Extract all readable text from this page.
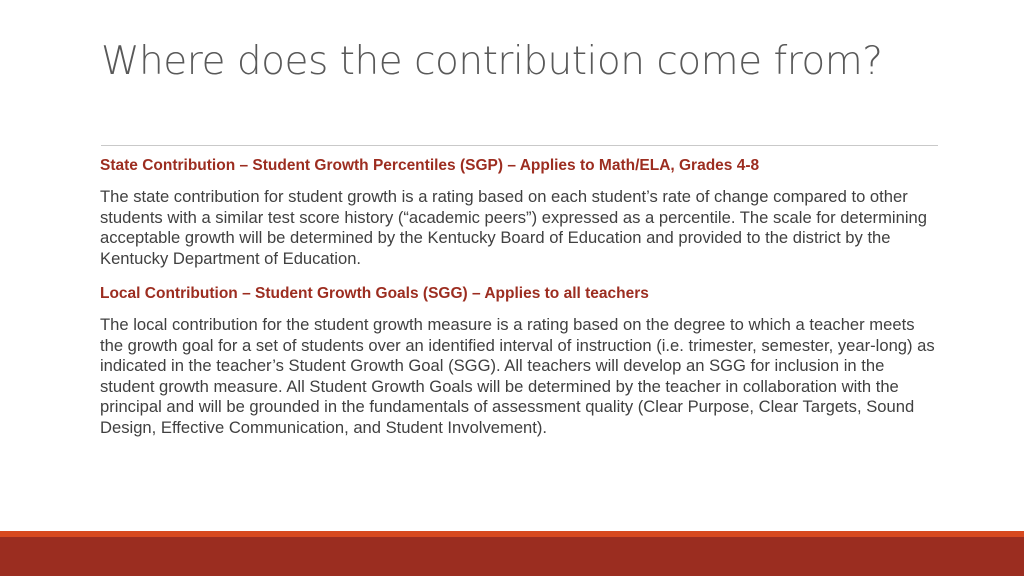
Where does the contribution come from?

State Contribution – Student Growth Percentiles (SGP) – Applies to Math/ELA, Grades 4-8

The state contribution for student growth is a rating based on each student’s rate of change compared to other students with a similar test score history (“academic peers”) expressed as a percentile. The scale for determining acceptable growth will be determined by the Kentucky Board of Education and provided to the district by the Kentucky Department of Education.

Local Contribution – Student Growth Goals (SGG) – Applies to all teachers

The local contribution for the student growth measure is a rating based on the degree to which a teacher meets the growth goal for a set of students over an identified interval of instruction (i.e. trimester, semester, year-long) as indicated in the teacher’s Student Growth Goal (SGG). All teachers will develop an SGG for inclusion in the student growth measure. All Student Growth Goals will be determined by the teacher in collaboration with the principal and will be grounded in the fundamentals of assessment quality (Clear Purpose, Clear Targets, Sound Design, Effective Communication, and Student Involvement).
